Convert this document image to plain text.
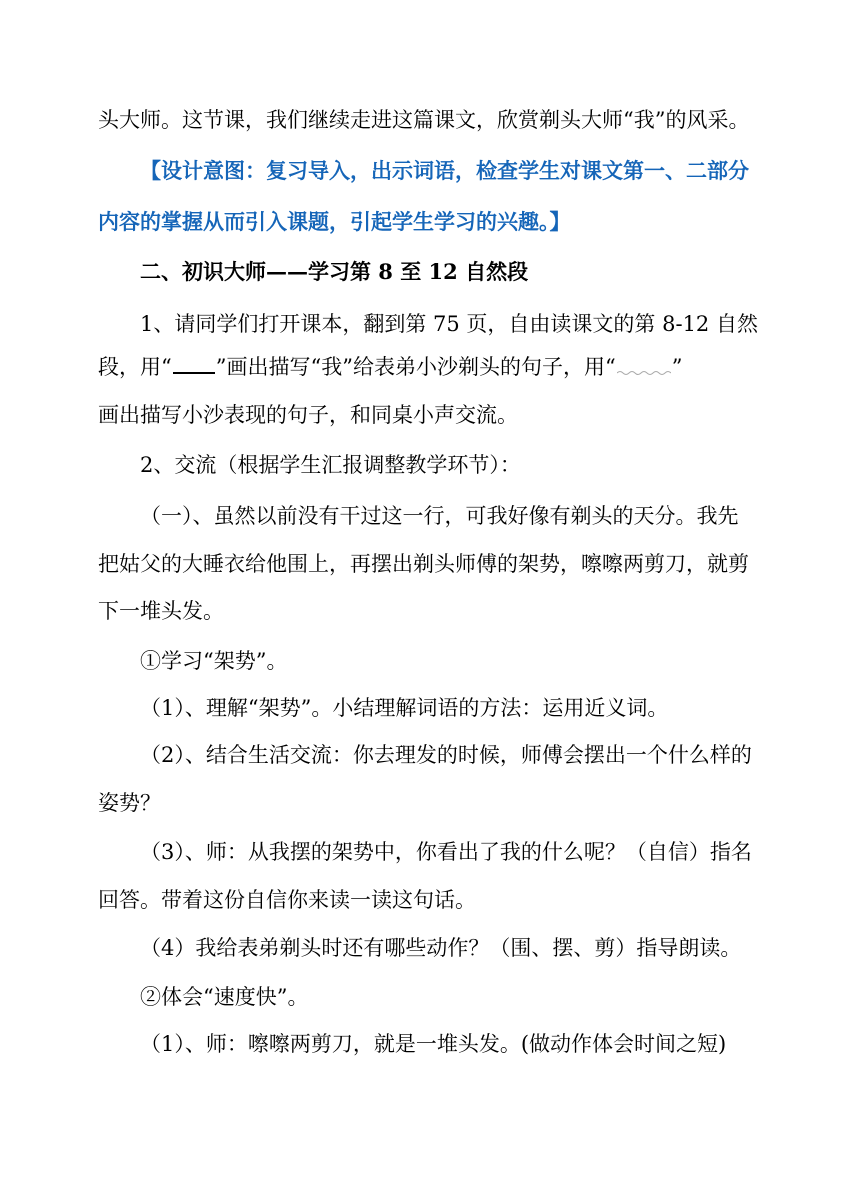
头大师。这节课，我们继续走进这篇课文，欣赏剃头大师“我”的风采。
【设计意图：复习导入，出示词语，检查学生对课文第一、二部分
内容的掌握从而引入课题，引起学生学习的兴趣。】
二、初识大师——学习第 8 至 12 自然段
1、请同学们打开课本，翻到第 75 页，自由读课文的第 8-12 自然
段，用“ ”画出描写“我”给表弟小沙剃头的句子，用“	”
画出描写小沙表现的句子，和同桌小声交流。
2、交流（根据学生汇报调整教学环节）：
（一）、虽然以前没有干过这一行，可我好像有剃头的天分。我先
把姑父的大睡衣给他围上，再摆出剃头师傅的架势，嚓嚓两剪刀，就剪
下一堆头发。
①学习“架势”。
（1）、理解“架势”。小结理解词语的方法：运用近义词。
（2）、结合生活交流：你去理发的时候，师傅会摆出一个什么样的
姿势？
（3）、师：从我摆的架势中，你看出了我的什么呢？（自信）指名
回答。带着这份自信你来读一读这句话。
（4）我给表弟剃头时还有哪些动作？（围、摆、剪）指导朗读。
②体会“速度快”。
（1）、师：嚓嚓两剪刀，就是一堆头发。(做动作体会时间之短)
